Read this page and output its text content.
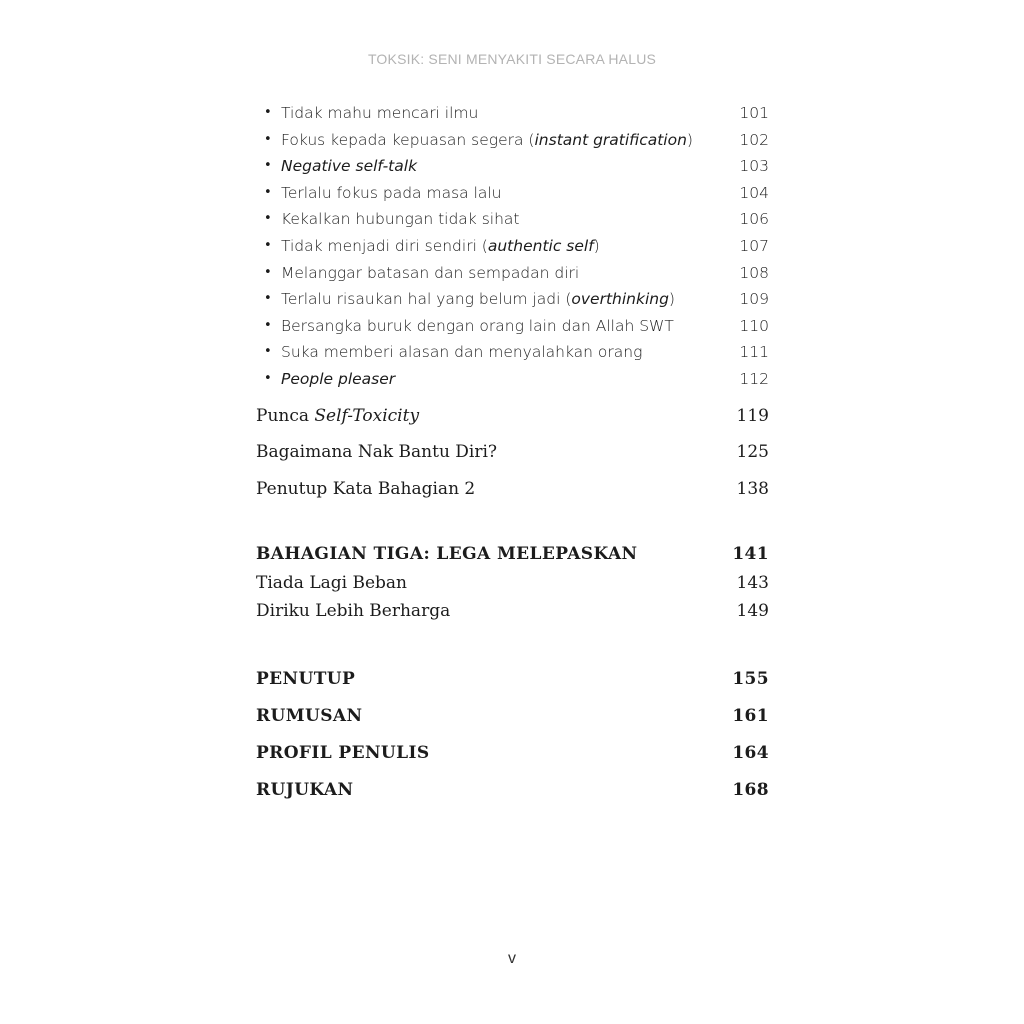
TOKSIK: SENI MENYAKITI SECARA HALUS
• Tidak mahu mencari ilmu	101
• Fokus kepada kepuasan segera (instant gratification)	102
• Negative self-talk	103
• Terlalu fokus pada masa lalu	104
• Kekalkan hubungan tidak sihat	106
• Tidak menjadi diri sendiri (authentic self)	107
• Melanggar batasan dan sempadan diri	108
• Terlalu risaukan hal yang belum jadi (overthinking)	109
• Bersangka buruk dengan orang lain dan Allah SWT	110
• Suka memberi alasan dan menyalahkan orang	111
• People pleaser	112
Punca Self-Toxicity	119
Bagaimana Nak Bantu Diri?	125
Penutup Kata Bahagian 2	138
BAHAGIAN TIGA: LEGA MELEPASKAN	141
Tiada Lagi Beban	143
Diriku Lebih Berharga	149
PENUTUP	155
RUMUSAN	161
PROFIL PENULIS	164
RUJUKAN	168
v
